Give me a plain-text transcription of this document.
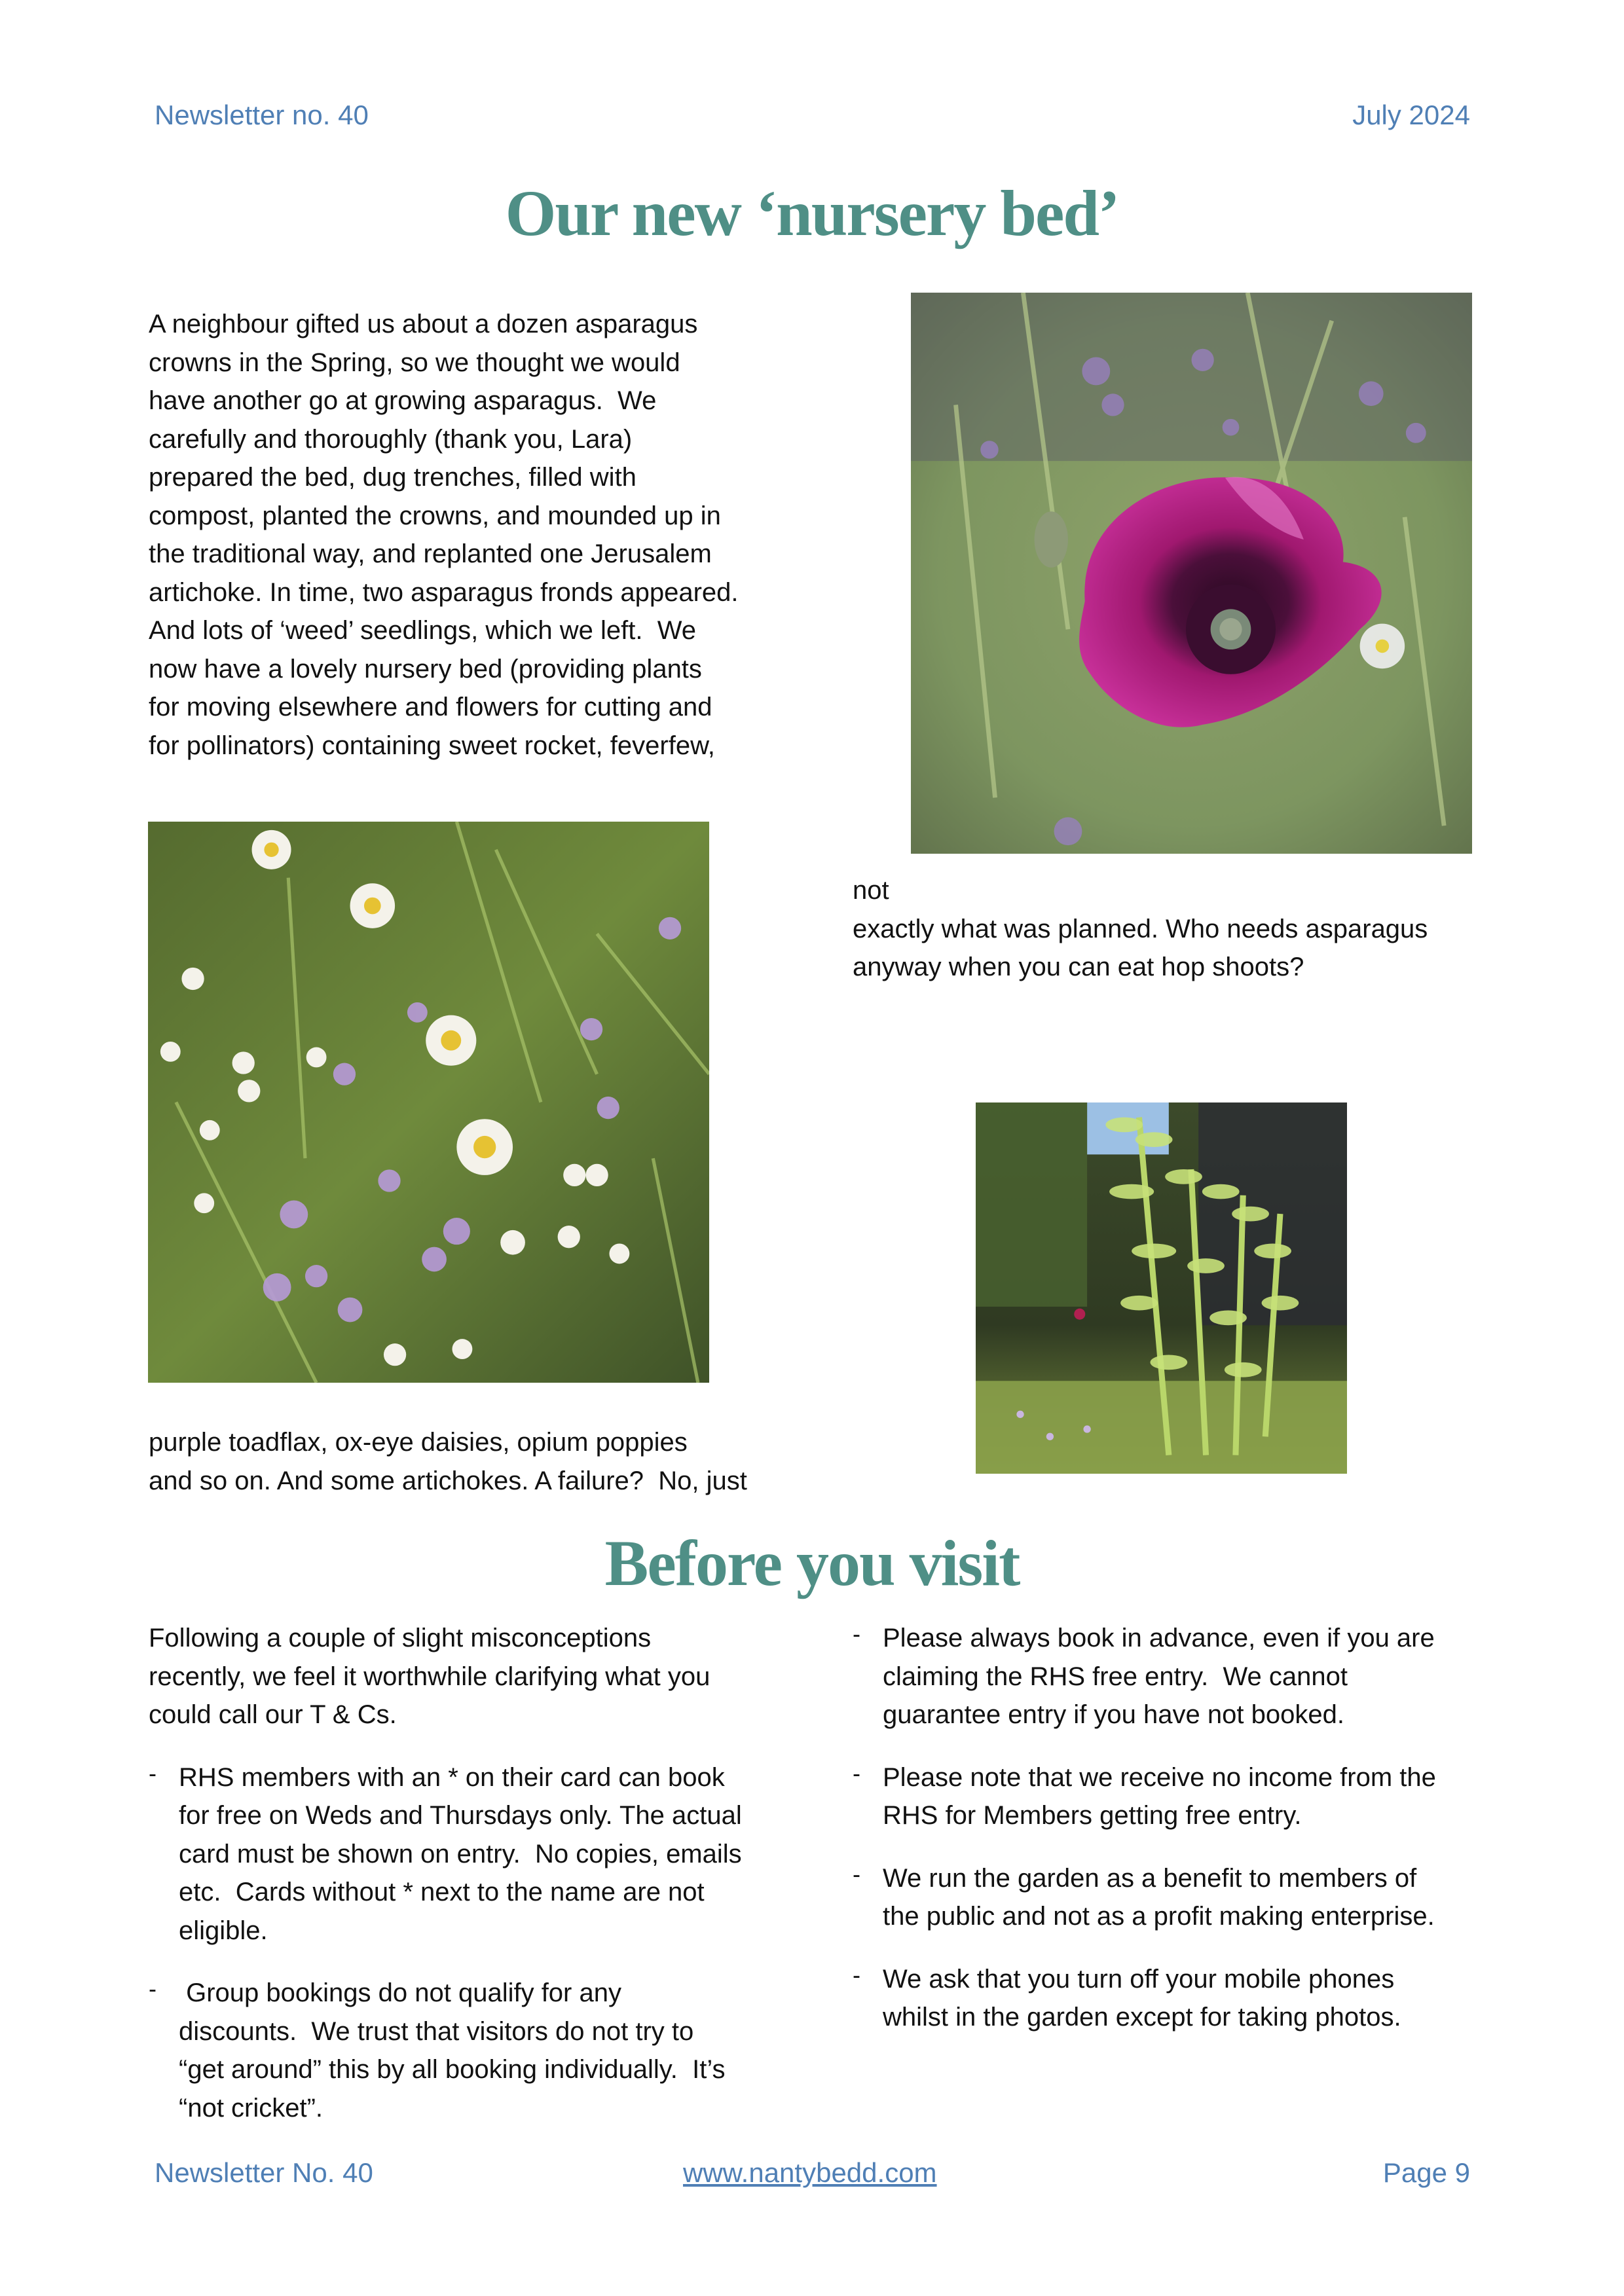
Newsletter no. 40	July 2024
Our new ‘nursery bed’
A neighbour gifted us about a dozen asparagus
crowns in the Spring, so we thought we would
have another go at growing asparagus.  We
carefully and thoroughly (thank you, Lara)
prepared the bed, dug trenches, filled with
compost, planted the crowns, and mounded up in
the traditional way, and replanted one Jerusalem
artichoke. In time, two asparagus fronds appeared.
And lots of ‘weed’ seedlings, which we left.  We
now have a lovely nursery bed (providing plants
for moving elsewhere and flowers for cutting and
for pollinators) containing sweet rocket, feverfew,
purple toadflax, ox-eye daisies, opium poppies
and so on. And some artichokes. A failure?  No, just
not
exactly what was planned. Who needs asparagus
anyway when you can eat hop shoots?
Before you visit
Following a couple of slight misconceptions
recently, we feel it worthwhile clarifying what you
could call our T & Cs.
- RHS members with an * on their card can book
for free on Weds and Thursdays only. The actual
card must be shown on entry.  No copies, emails
etc.  Cards without * next to the name are not
eligible.
- Group bookings do not qualify for any
discounts.  We trust that visitors do not try to
“get around” this by all booking individually.  It’s
“not cricket”.
- Please always book in advance, even if you are
claiming the RHS free entry.  We cannot
guarantee entry if you have not booked.
- Please note that we receive no income from the
RHS for Members getting free entry.
- We run the garden as a benefit to members of
the public and not as a profit making enterprise.
- We ask that you turn off your mobile phones
whilst in the garden except for taking photos.
Newsletter No. 40	www.nantybedd.com	Page 9
